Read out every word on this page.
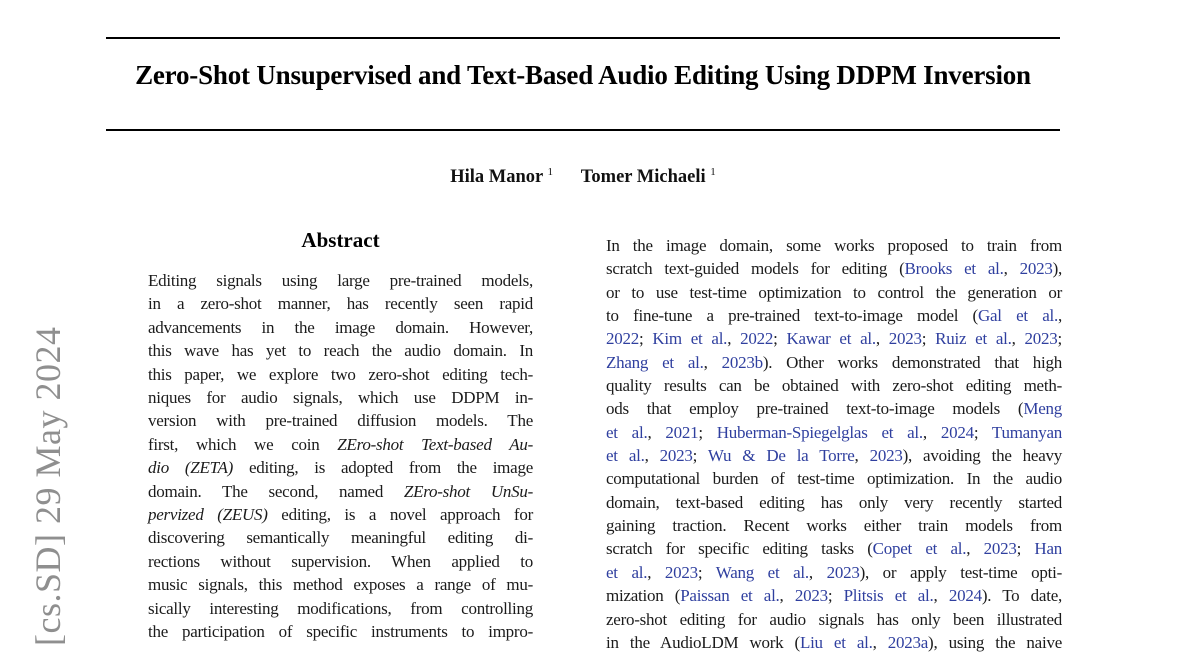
[cs.SD] 29 May 2024
Zero-Shot Unsupervised and Text-Based Audio Editing Using DDPM Inversion
Hila Manor $^1$    Tomer Michaeli $^1$
Abstract
Editing signals using large pre-trained models,
in a zero-shot manner, has recently seen rapid
advancements in the image domain. However,
this wave has yet to reach the audio domain. In
this paper, we explore two zero-shot editing tech-
niques for audio signals, which use DDPM in-
version with pre-trained diffusion models. The
first, which we coin ZEro-shot Text-based Au-
dio (ZETA) editing, is adopted from the image
domain. The second, named ZEro-shot UnSu-
pervized (ZEUS) editing, is a novel approach for
discovering semantically meaningful editing di-
rections without supervision. When applied to
music signals, this method exposes a range of mu-
sically interesting modifications, from controlling
the participation of specific instruments to impro-
In the image domain, some works proposed to train from
scratch text-guided models for editing (Brooks et al., 2023),
or to use test-time optimization to control the generation or
to fine-tune a pre-trained text-to-image model (Gal et al.,
2022; Kim et al., 2022; Kawar et al., 2023; Ruiz et al., 2023;
Zhang et al., 2023b). Other works demonstrated that high
quality results can be obtained with zero-shot editing meth-
ods that employ pre-trained text-to-image models (Meng
et al., 2021; Huberman-Spiegelglas et al., 2024; Tumanyan
et al., 2023; Wu & De la Torre, 2023), avoiding the heavy
computational burden of test-time optimization. In the audio
domain, text-based editing has only very recently started
gaining traction. Recent works either train models from
scratch for specific editing tasks (Copet et al., 2023; Han
et al., 2023; Wang et al., 2023), or apply test-time opti-
mization (Paissan et al., 2023; Plitsis et al., 2024). To date,
zero-shot editing for audio signals has only been illustrated
in the AudioLDM work (Liu et al., 2023a), using the naive
